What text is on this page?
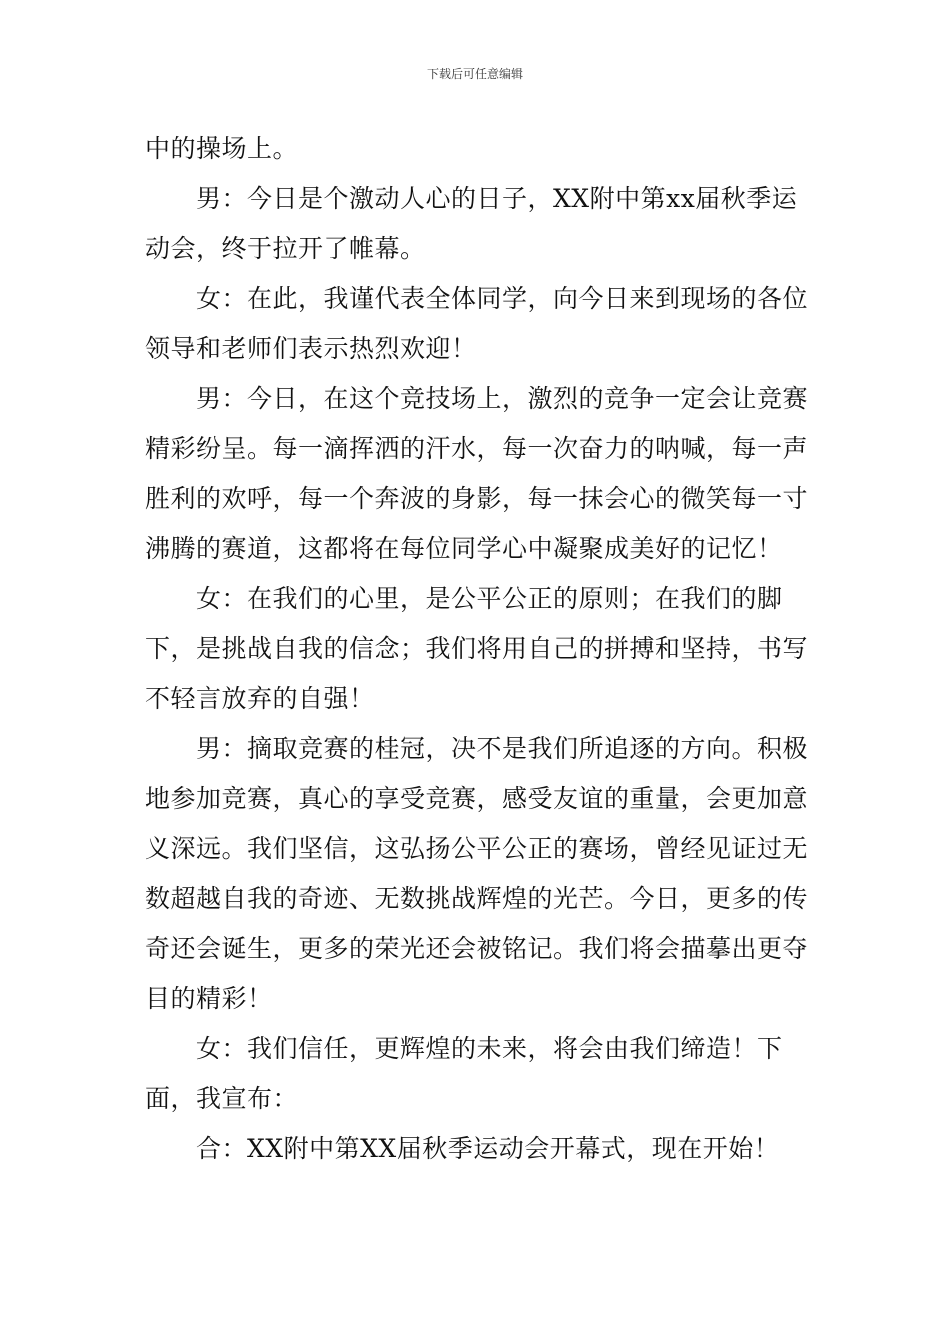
下载后可任意编辑

中的操场上。

男：今日是个激动人心的日子，XX附中第xx届秋季运动会，终于拉开了帷幕。

女：在此，我谨代表全体同学，向今日来到现场的各位领导和老师们表示热烈欢迎！

男：今日，在这个竞技场上，激烈的竞争一定会让竞赛精彩纷呈。每一滴挥洒的汗水，每一次奋力的呐喊，每一声胜利的欢呼，每一个奔波的身影，每一抹会心的微笑每一寸沸腾的赛道，这都将在每位同学心中凝聚成美好的记忆！

女：在我们的心里，是公平公正的原则；在我们的脚下，是挑战自我的信念；我们将用自己的拼搏和坚持，书写不轻言放弃的自强！

男：摘取竞赛的桂冠，决不是我们所追逐的方向。积极地参加竞赛，真心的享受竞赛，感受友谊的重量，会更加意义深远。我们坚信，这弘扬公平公正的赛场，曾经见证过无数超越自我的奇迹、无数挑战辉煌的光芒。今日，更多的传奇还会诞生，更多的荣光还会被铭记。我们将会描摹出更夺目的精彩！

女：我们信任，更辉煌的未来，将会由我们缔造！下面，我宣布：

合：XX附中第XX届秋季运动会开幕式，现在开始！
